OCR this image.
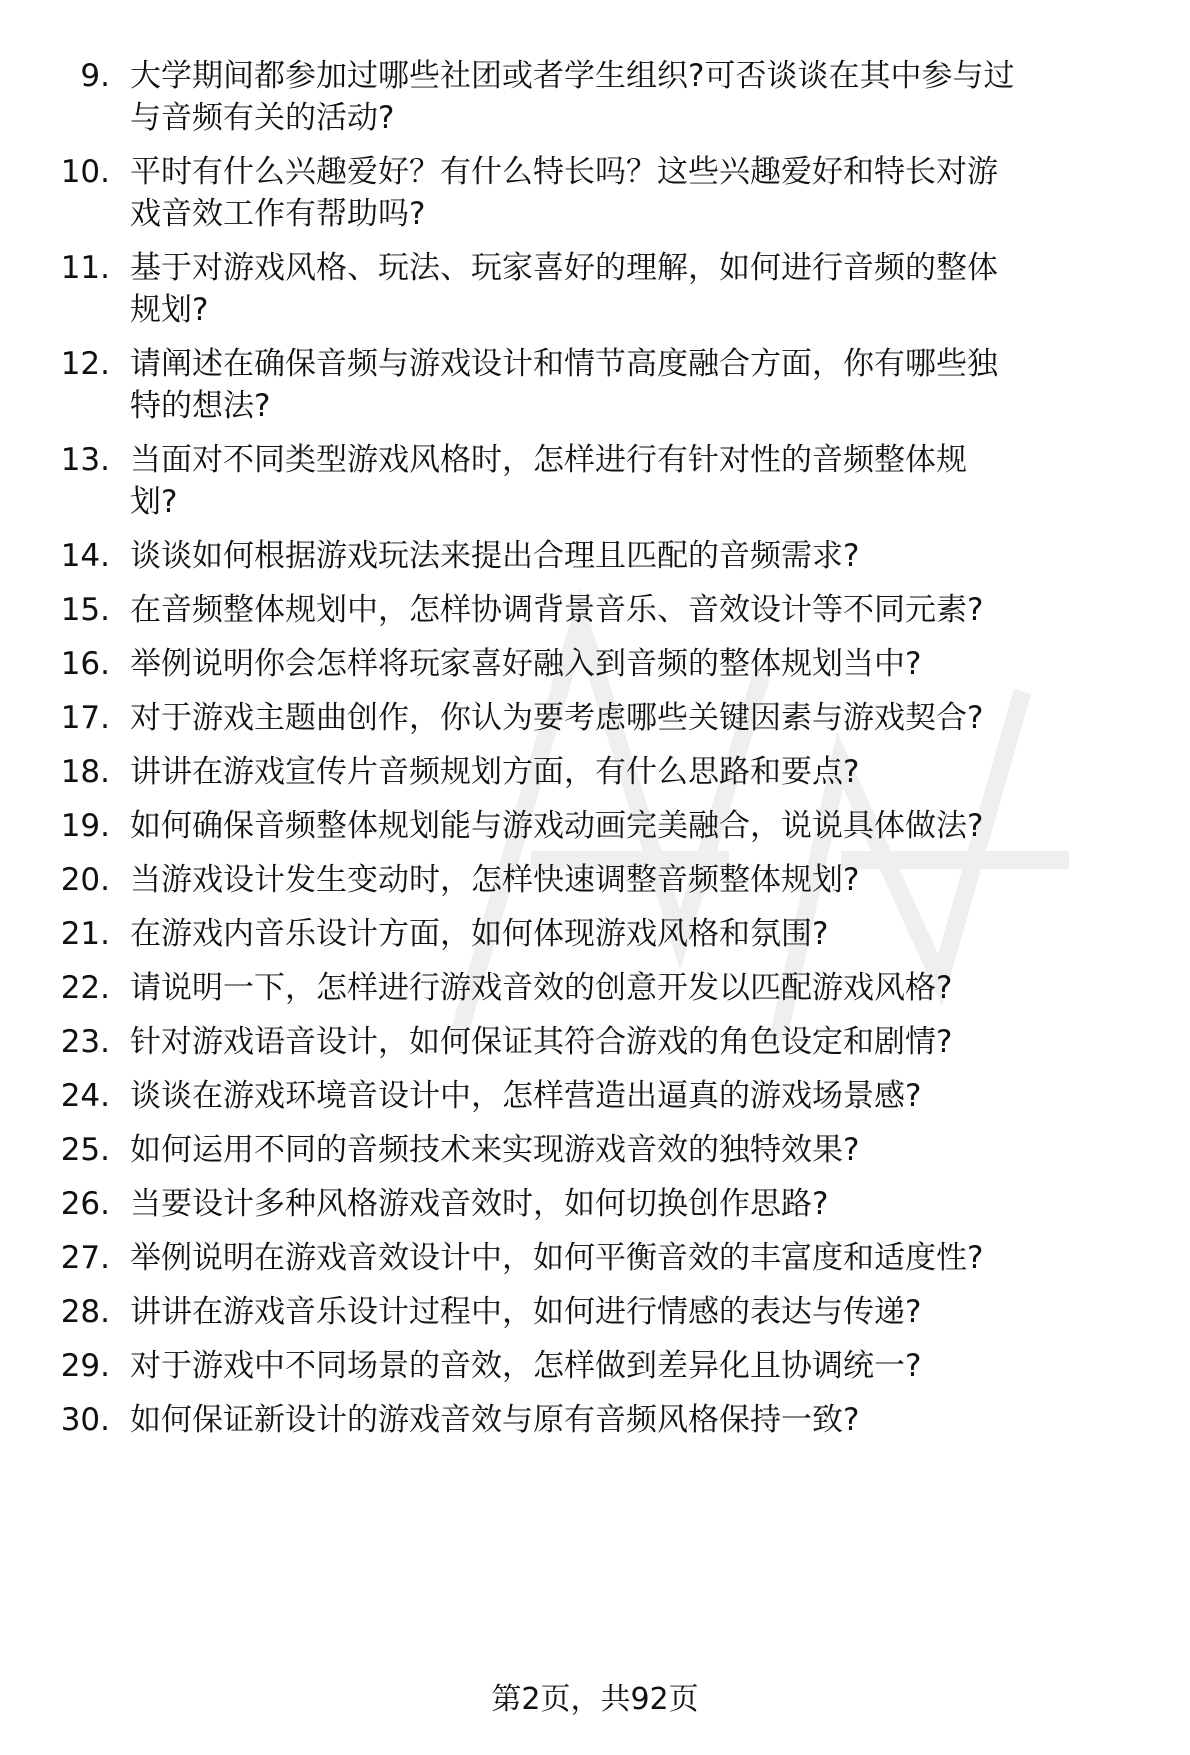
9. 大学期间都参加过哪些社团或者学生组织?可否谈谈在其中参与过
与音频有关的活动?
10. 平时有什么兴趣爱好？有什么特长吗？这些兴趣爱好和特长对游
戏音效工作有帮助吗?
11. 基于对游戏风格、玩法、玩家喜好的理解，如何进行音频的整体
规划?
12. 请阐述在确保音频与游戏设计和情节高度融合方面，你有哪些独
特的想法?
13. 当面对不同类型游戏风格时，怎样进行有针对性的音频整体规
划?
14. 谈谈如何根据游戏玩法来提出合理且匹配的音频需求?
15. 在音频整体规划中，怎样协调背景音乐、音效设计等不同元素?
16. 举例说明你会怎样将玩家喜好融入到音频的整体规划当中?
17. 对于游戏主题曲创作，你认为要考虑哪些关键因素与游戏契合?
18. 讲讲在游戏宣传片音频规划方面，有什么思路和要点?
19. 如何确保音频整体规划能与游戏动画完美融合，说说具体做法?
20. 当游戏设计发生变动时，怎样快速调整音频整体规划?
21. 在游戏内音乐设计方面，如何体现游戏风格和氛围?
22. 请说明一下，怎样进行游戏音效的创意开发以匹配游戏风格?
23. 针对游戏语音设计，如何保证其符合游戏的角色设定和剧情?
24. 谈谈在游戏环境音设计中，怎样营造出逼真的游戏场景感?
25. 如何运用不同的音频技术来实现游戏音效的独特效果?
26. 当要设计多种风格游戏音效时，如何切换创作思路?
27. 举例说明在游戏音效设计中，如何平衡音效的丰富度和适度性?
28. 讲讲在游戏音乐设计过程中，如何进行情感的表达与传递?
29. 对于游戏中不同场景的音效，怎样做到差异化且协调统一?
30. 如何保证新设计的游戏音效与原有音频风格保持一致?
第2页，共92页
